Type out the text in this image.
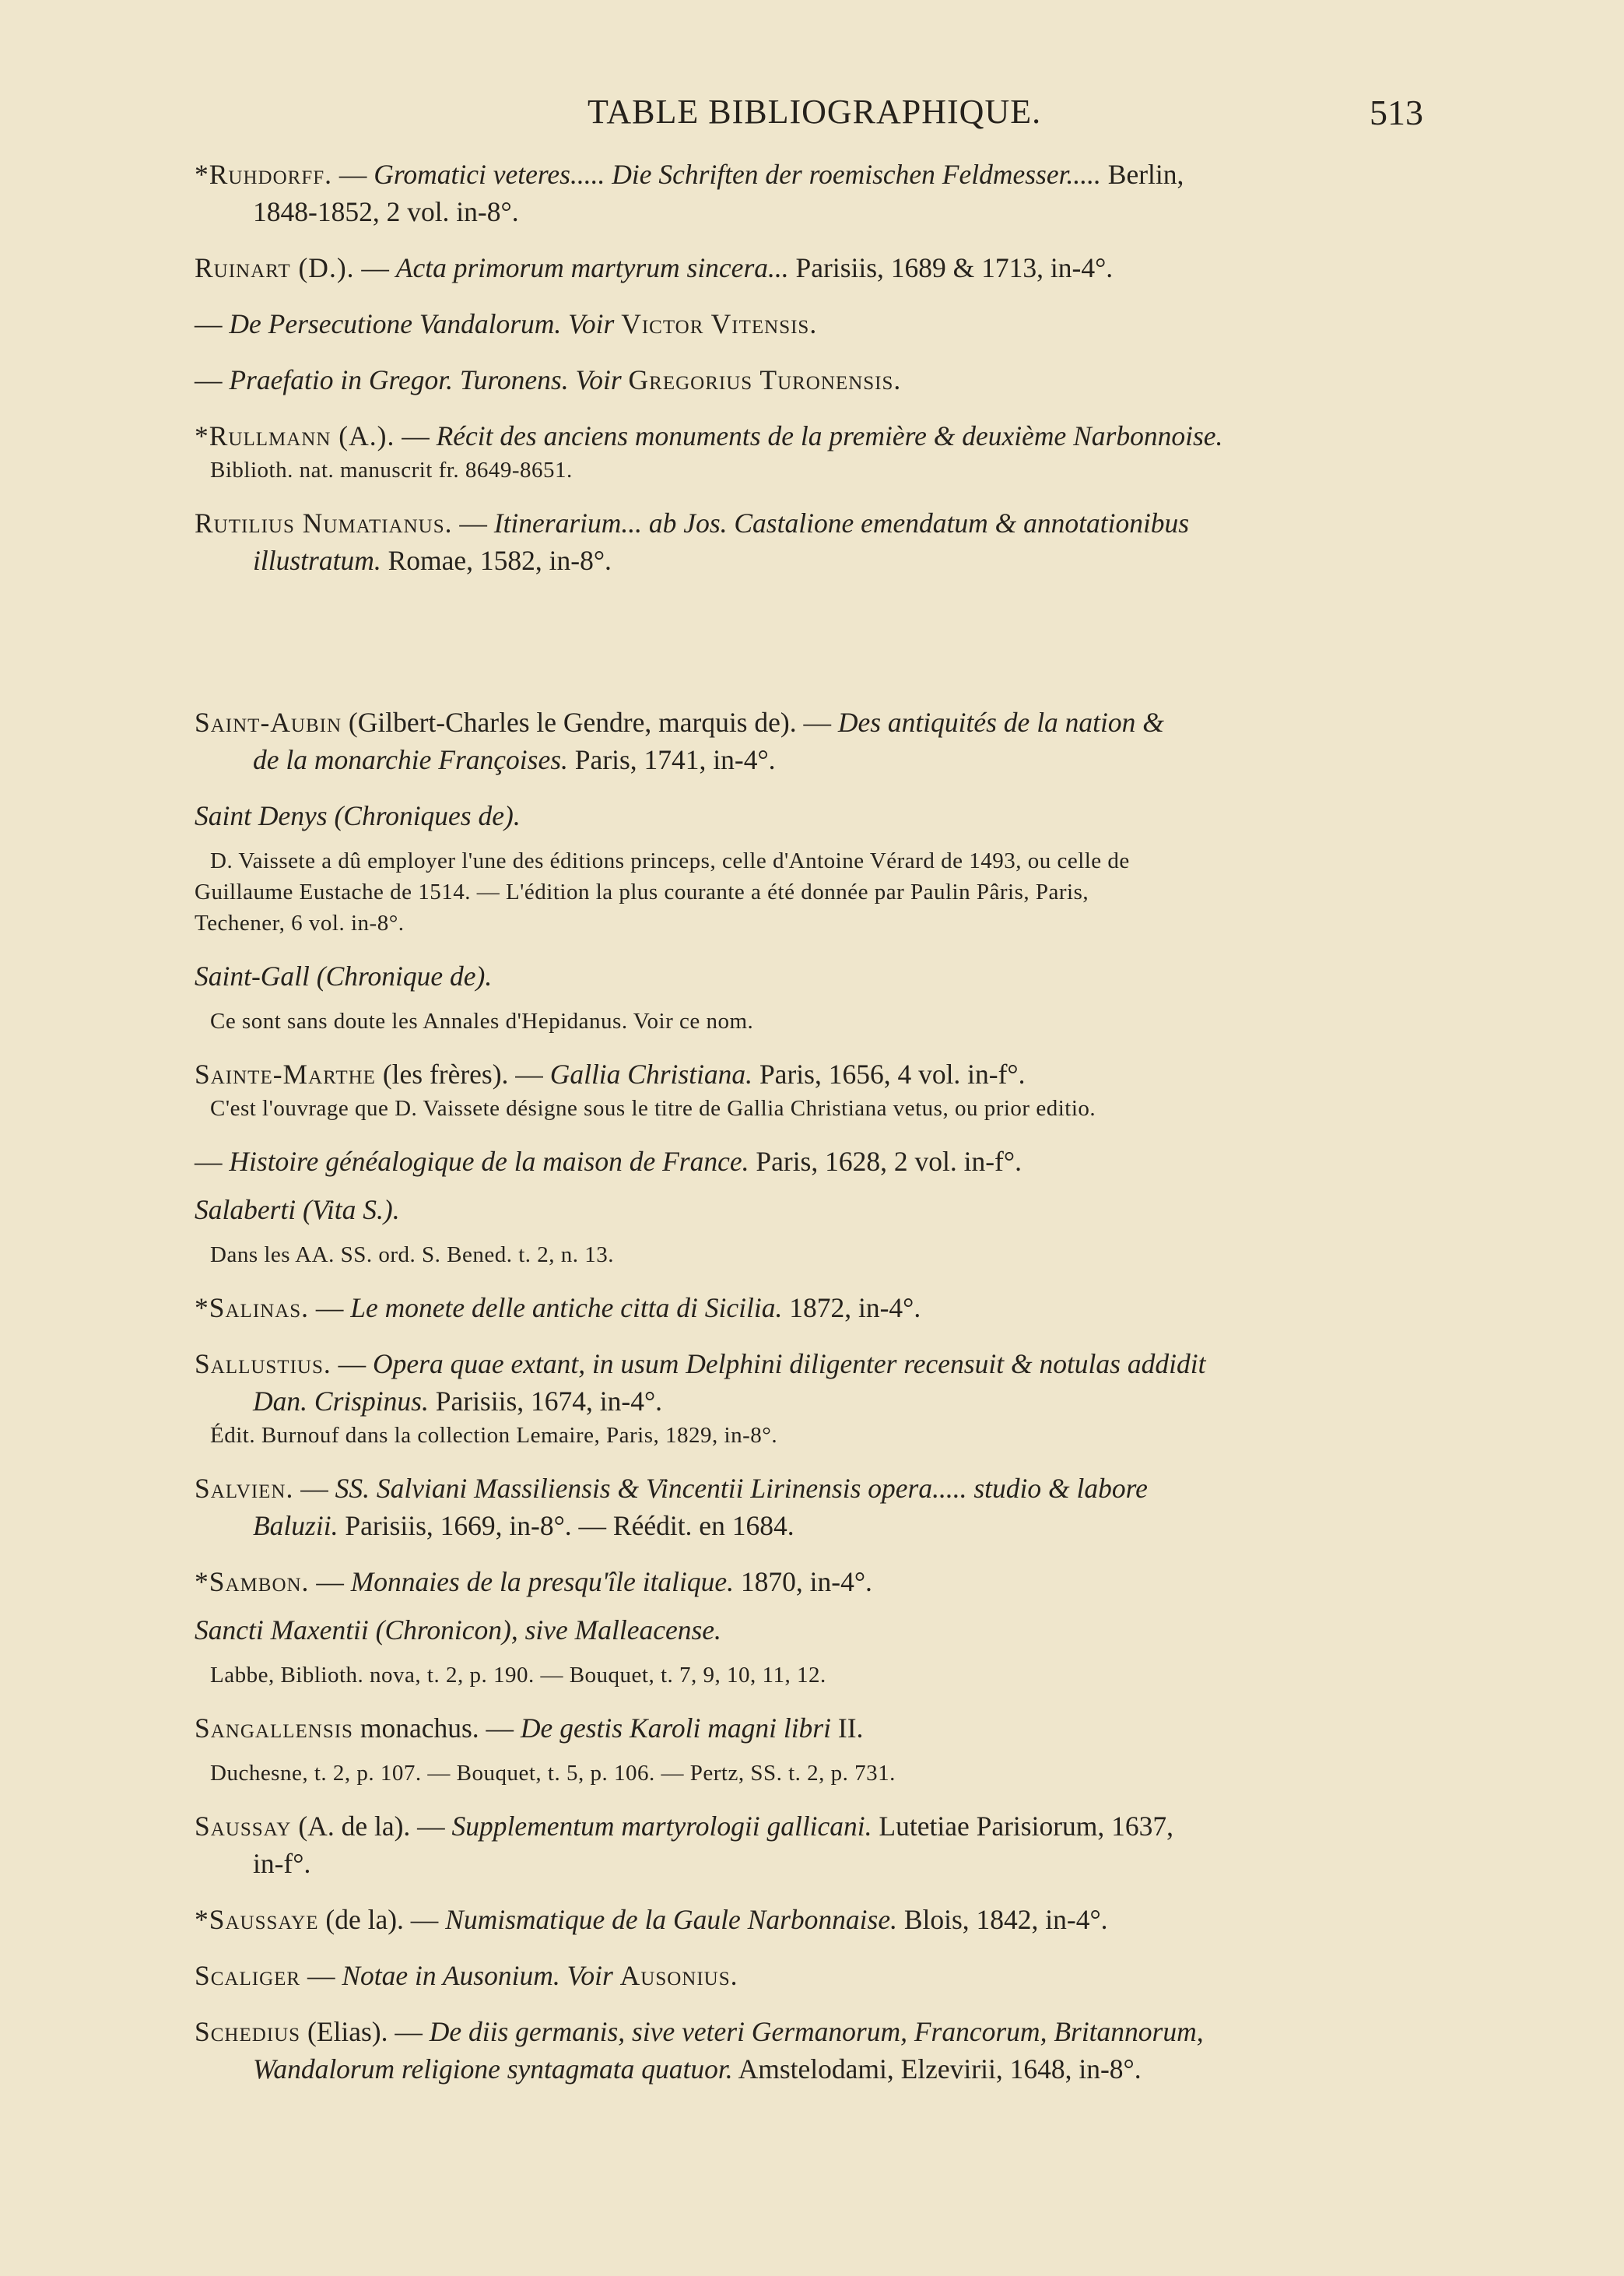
TABLE BIBLIOGRAPHIQUE.	513

*Ruhdorff. — Gromatici veteres..... Die Schriften der roemischen Feldmesser..... Berlin,

1848-1852, 2 vol. in-8°.

Ruinart (D.). — Acta primorum martyrum sincera... Parisiis, 1689 & 1713, in-4°.

— De Persecutione Vandalorum. Voir Victor Vitensis.

— Praefatio in Gregor. Turonens. Voir Gregorius Turonensis.

*Rullmann (A.). — Récit des anciens monuments de la première & deuxième Narbonnoise.

Biblioth. nat. manuscrit fr. 8649-8651.

Rutilius Numatianus. — Itinerarium... ab Jos. Castalione emendatum & annotationibus

illustratum. Romae, 1582, in-8°.

Saint-Aubin (Gilbert-Charles le Gendre, marquis de). — Des antiquités de la nation &

de la monarchie Françoises. Paris, 1741, in-4°.

Saint Denys (Chroniques de).

D. Vaissete a dû employer l'une des éditions princeps, celle d'Antoine Vérard de 1493, ou celle de

Guillaume Eustache de 1514. — L'édition la plus courante a été donnée par Paulin Pâris, Paris,

Techener, 6 vol. in-8°.

Saint-Gall (Chronique de).

Ce sont sans doute les Annales d'Hepidanus. Voir ce nom.

Sainte-Marthe (les frères). — Gallia Christiana. Paris, 1656, 4 vol. in-f°.

C'est l'ouvrage que D. Vaissete désigne sous le titre de Gallia Christiana vetus, ou prior editio.

— Histoire généalogique de la maison de France. Paris, 1628, 2 vol. in-f°.

Salaberti (Vita S.).

Dans les AA. SS. ord. S. Bened. t. 2, n. 13.

*Salinas. — Le monete delle antiche citta di Sicilia. 1872, in-4°.

Sallustius. — Opera quae extant, in usum Delphini diligenter recensuit & notulas addidit

Dan. Crispinus. Parisiis, 1674, in-4°.

Édit. Burnouf dans la collection Lemaire, Paris, 1829, in-8°.

Salvien. — SS. Salviani Massiliensis & Vincentii Lirinensis opera..... studio & labore

Baluzii. Parisiis, 1669, in-8°. — Réédit. en 1684.

*Sambon. — Monnaies de la presqu'île italique. 1870, in-4°.

Sancti Maxentii (Chronicon), sive Malleacense.

Labbe, Biblioth. nova, t. 2, p. 190. — Bouquet, t. 7, 9, 10, 11, 12.

Sangallensis monachus. — De gestis Karoli magni libri II.

Duchesne, t. 2, p. 107. — Bouquet, t. 5, p. 106. — Pertz, SS. t. 2, p. 731.

Saussay (A. de la). — Supplementum martyrologii gallicani. Lutetiae Parisiorum, 1637,

in-f°.

*Saussaye (de la). — Numismatique de la Gaule Narbonnaise. Blois, 1842, in-4°.

Scaliger — Notae in Ausonium. Voir Ausonius.

Schedius (Elias). — De diis germanis, sive veteri Germanorum, Francorum, Britannorum,

Wandalorum religione syntagmata quatuor. Amstelodami, Elzevirii, 1648, in-8°.
